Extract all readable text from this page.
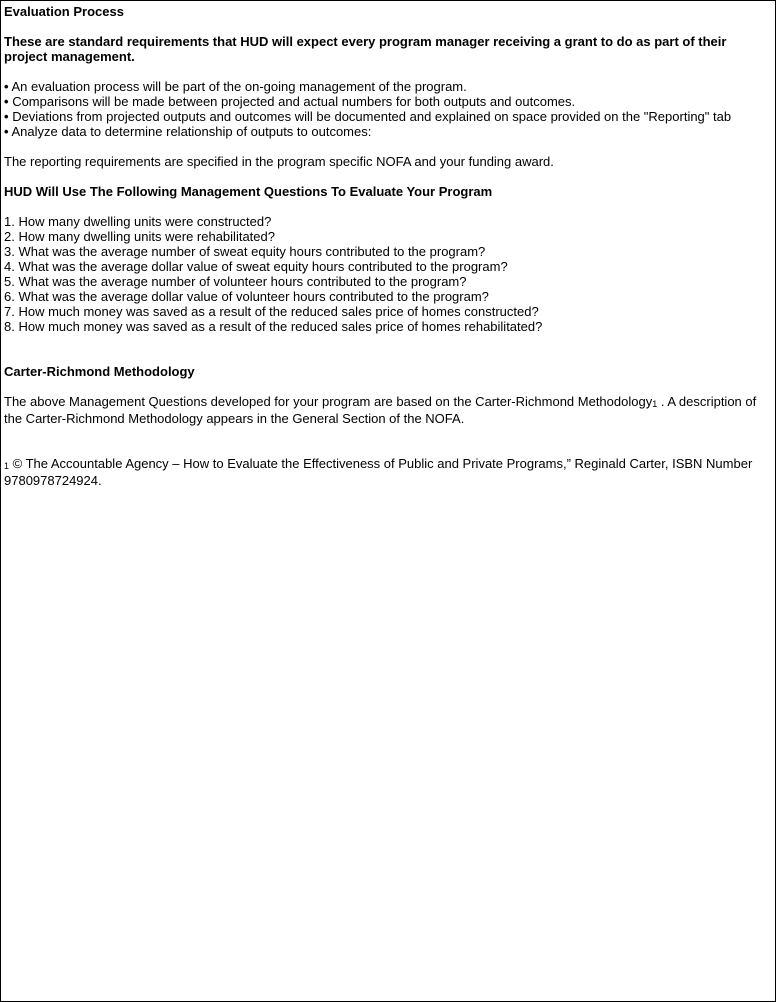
Evaluation Process
These are standard requirements that HUD will expect every program manager receiving a grant to do as part of their project management.
• An evaluation process will be part of the on-going management of the program.
• Comparisons will be made between projected and actual numbers for both outputs and outcomes.
• Deviations from projected outputs and outcomes will be documented and explained on space provided on the "Reporting" tab
• Analyze data to determine relationship of outputs to outcomes:
The reporting requirements are specified in the program specific NOFA and your funding award.
HUD Will Use The Following Management Questions To Evaluate Your Program
1. How many dwelling units were constructed?
2. How many dwelling units were rehabilitated?
3. What was the average number of sweat equity hours contributed to the program?
4. What was the average dollar value of sweat equity hours contributed to the program?
5. What was the average number of volunteer hours contributed to the program?
6. What was the average dollar value of volunteer hours contributed to the program?
7. How much money was saved as a result of the reduced sales price of homes constructed?
8. How much money was saved as a result of the reduced sales price of homes rehabilitated?
Carter-Richmond Methodology
The above Management Questions developed for your program are based on the Carter-Richmond Methodology1 . A description of the Carter-Richmond Methodology appears in the General Section of the NOFA.
1 © The Accountable Agency – How to Evaluate the Effectiveness of Public and Private Programs,” Reginald Carter, ISBN Number 9780978724924.
